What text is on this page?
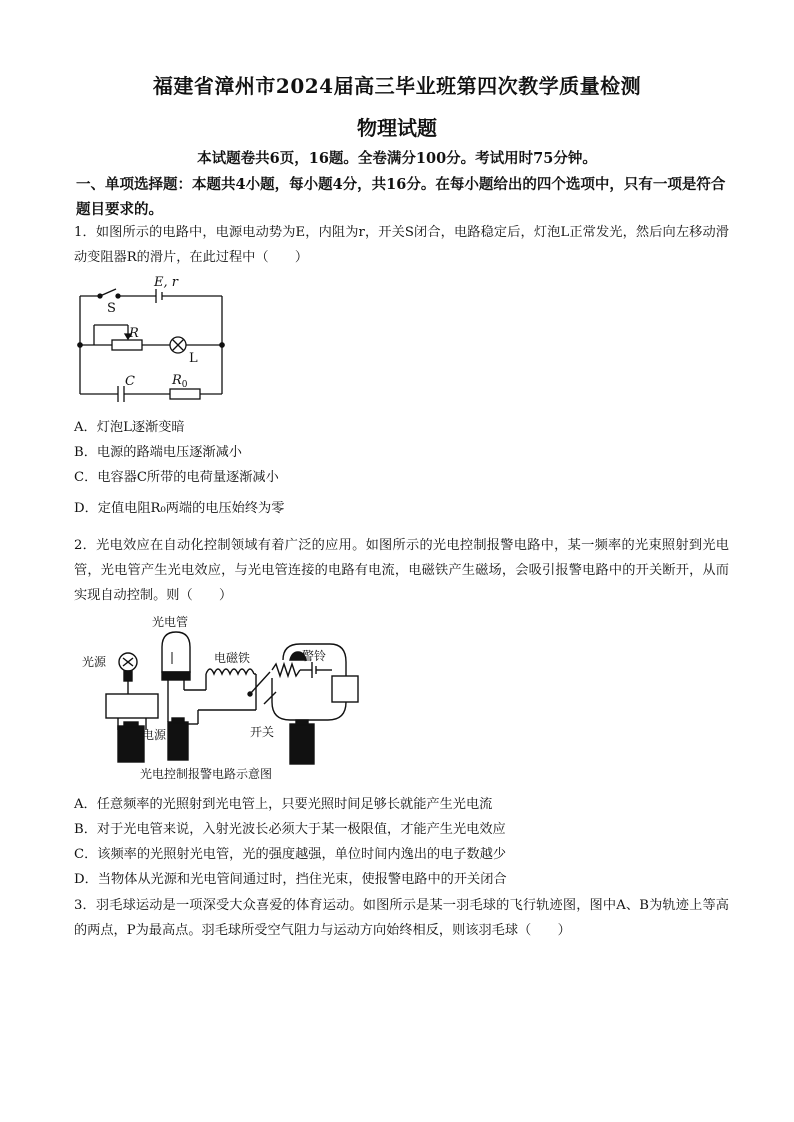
福建省漳州市2024届高三毕业班第四次教学质量检测
物理试题
本试题卷共6页，16题。全卷满分100分。考试用时75分钟。
一、单项选择题：本题共4小题，每小题4分，共16分。在每小题给出的四个选项中，只有一项是符合题目要求的。
1．如图所示的电路中，电源电动势为E，内阻为r，开关S闭合，电路稳定后，灯泡L正常发光，然后向左移动滑动变阻器R的滑片，在此过程中（　　）
E, r
S
R
L
C	$R_0$
A．灯泡L逐渐变暗
B．电源的路端电压逐渐减小
C．电容器C所带的电荷量逐渐减小
D．定值电阻R₀两端的电压始终为零
2．光电效应在自动化控制领域有着广泛的应用。如图所示的光电控制报警电路中，某一频率的光束照射到光电管，光电管产生光电效应，与光电管连接的电路有电流，电磁铁产生磁场，会吸引报警电路中的开关断开，从而实现自动控制。则（　　）
光电管
光源	电磁铁	警铃
电源	开关
光电控制报警电路示意图
A．任意频率的光照射到光电管上，只要光照时间足够长就能产生光电流
B．对于光电管来说，入射光波长必须大于某一极限值，才能产生光电效应
C．该频率的光照射光电管，光的强度越强，单位时间内逸出的电子数越少
D．当物体从光源和光电管间通过时，挡住光束，使报警电路中的开关闭合
3．羽毛球运动是一项深受大众喜爱的体育运动。如图所示是某一羽毛球的飞行轨迹图，图中A、B为轨迹上等高的两点，P为最高点。羽毛球所受空气阻力与运动方向始终相反，则该羽毛球（　　）
